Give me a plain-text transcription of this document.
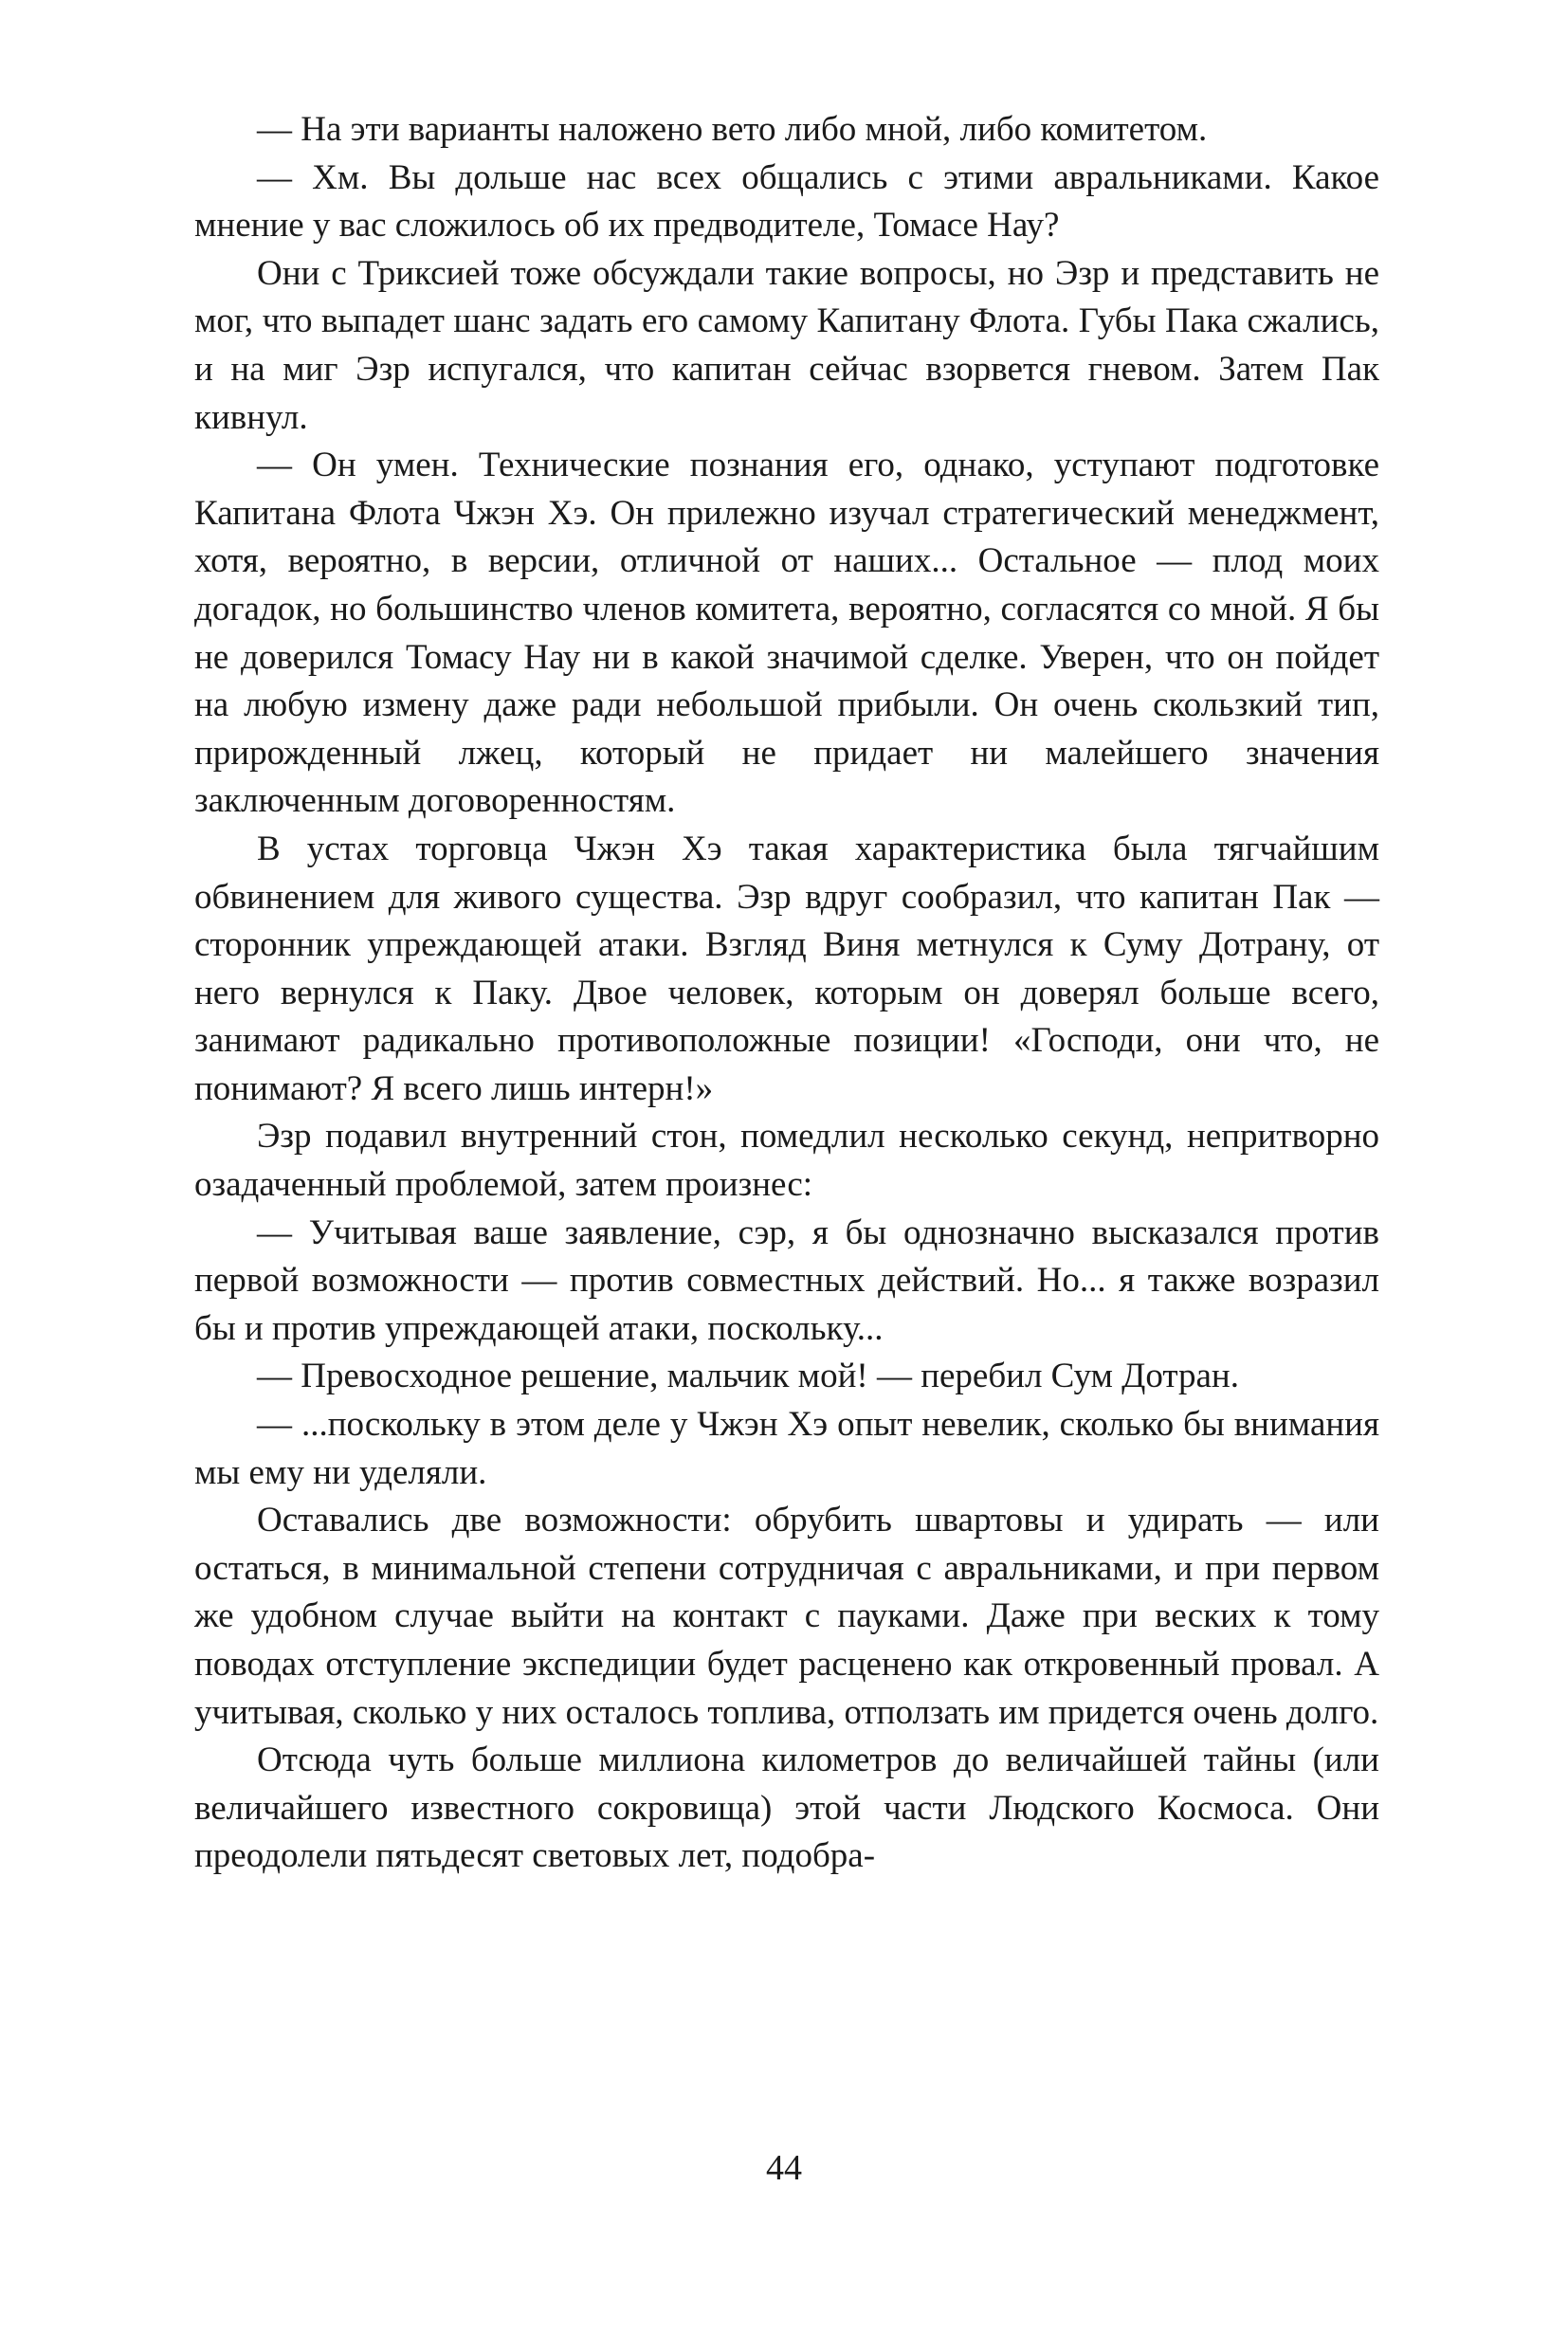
— На эти варианты наложено вето либо мной, либо комитетом.

— Хм. Вы дольше нас всех общались с этими авральниками. Какое мнение у вас сложилось об их предводителе, Томасе Нау?

Они с Триксией тоже обсуждали такие вопросы, но Эзр и представить не мог, что выпадет шанс задать его самому Капитану Флота. Губы Пака сжались, и на миг Эзр испугался, что капитан сейчас взорвется гневом. Затем Пак кивнул.

— Он умен. Технические познания его, однако, уступают подготовке Капитана Флота Чжэн Хэ. Он прилежно изучал стратегический менеджмент, хотя, вероятно, в версии, отличной от наших... Остальное — плод моих догадок, но большинство членов комитета, вероятно, согласятся со мной. Я бы не доверился Томасу Нау ни в какой значимой сделке. Уверен, что он пойдет на любую измену даже ради небольшой прибыли. Он очень скользкий тип, прирожденный лжец, который не придает ни малейшего значения заключенным договоренностям.

В устах торговца Чжэн Хэ такая характеристика была тягчайшим обвинением для живого существа. Эзр вдруг сообразил, что капитан Пак — сторонник упреждающей атаки. Взгляд Виня метнулся к Суму Дотрану, от него вернулся к Паку. Двое человек, которым он доверял больше всего, занимают радикально противоположные позиции! «Господи, они что, не понимают? Я всего лишь интерн!»

Эзр подавил внутренний стон, помедлил несколько секунд, непритворно озадаченный проблемой, затем произнес:

— Учитывая ваше заявление, сэр, я бы однозначно высказался против первой возможности — против совместных действий. Но... я также возразил бы и против упреждающей атаки, поскольку...

— Превосходное решение, мальчик мой! — перебил Сум Дотран.

— ...поскольку в этом деле у Чжэн Хэ опыт невелик, сколько бы внимания мы ему ни уделяли.

Оставались две возможности: обрубить швартовы и удирать — или остаться, в минимальной степени сотрудничая с авральниками, и при первом же удобном случае выйти на контакт с пауками. Даже при веских к тому поводах отступление экспедиции будет расценено как откровенный провал. А учитывая, сколько у них осталось топлива, отползать им придется очень долго.

Отсюда чуть больше миллиона километров до величайшей тайны (или величайшего известного сокровища) этой части Людского Космоса. Они преодолели пятьдесят световых лет, подобра-

44
